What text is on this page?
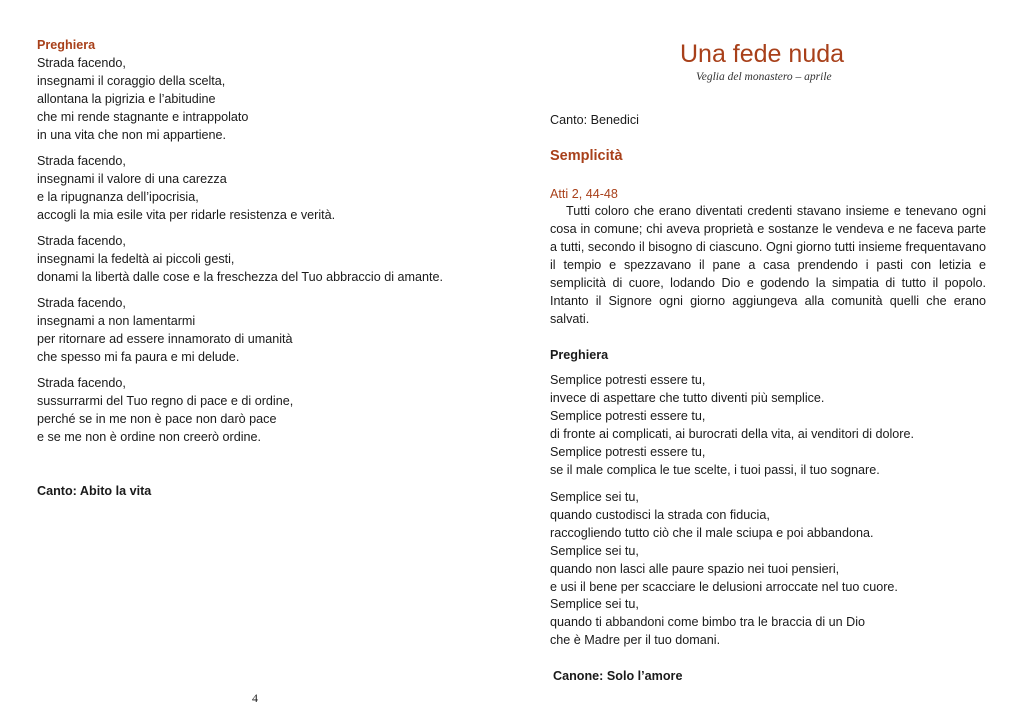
Preghiera
Strada facendo,
insegnami il coraggio della scelta,
allontana la pigrizia e l’abitudine
che mi rende stagnante e intrappolato
in una vita che non mi appartiene.
Strada facendo,
insegnami il valore di una carezza
e la ripugnanza dell’ipocrisia,
accogli la mia esile vita per ridarle resistenza e verità.
Strada facendo,
insegnami la fedeltà ai piccoli gesti,
donami la libertà dalle cose e la freschezza del Tuo abbraccio di amante.
Strada facendo,
insegnami a non lamentarmi
per ritornare ad essere innamorato di umanità
che spesso mi fa paura e mi delude.
Strada facendo,
sussurrarmi del Tuo regno di pace e di ordine,
perché se in me non è pace non darò pace
e se me non è ordine non creerò ordine.
Canto: Abito la vita
4
Una fede nuda
Veglia del monastero – aprile
Canto: Benedici
Semplicità
Atti 2, 44-48
Tutti coloro che erano diventati credenti stavano insieme e tenevano ogni cosa in comune; chi aveva proprietà e sostanze le vendeva e ne faceva parte a tutti, secondo il bisogno di ciascuno. Ogni giorno tutti insieme frequentavano il tempio e spezzavano il pane a casa prendendo i pasti con letizia e semplicità di cuore, lodando Dio e godendo la simpatia di tutto il popolo. Intanto il Signore ogni giorno aggiungeva alla comunità quelli che erano salvati.
Preghiera
Semplice potresti essere tu,
invece di aspettare che tutto diventi più semplice.
Semplice potresti essere tu,
di fronte ai complicati, ai burocrati della vita, ai venditori di dolore.
Semplice potresti essere tu,
se il male complica le tue scelte, i tuoi passi, il tuo sognare.
Semplice sei tu,
quando custodisci la strada con fiducia,
raccogliendo tutto ciò che il male sciupa e poi abbandona.
Semplice sei tu,
quando non lasci alle paure spazio nei tuoi pensieri,
e usi il bene per scacciare le delusioni arroccate nel tuo cuore.
Semplice sei tu,
quando ti abbandoni come bimbo tra le braccia di un Dio
che è Madre per il tuo domani.
Canone: Solo l’amore
